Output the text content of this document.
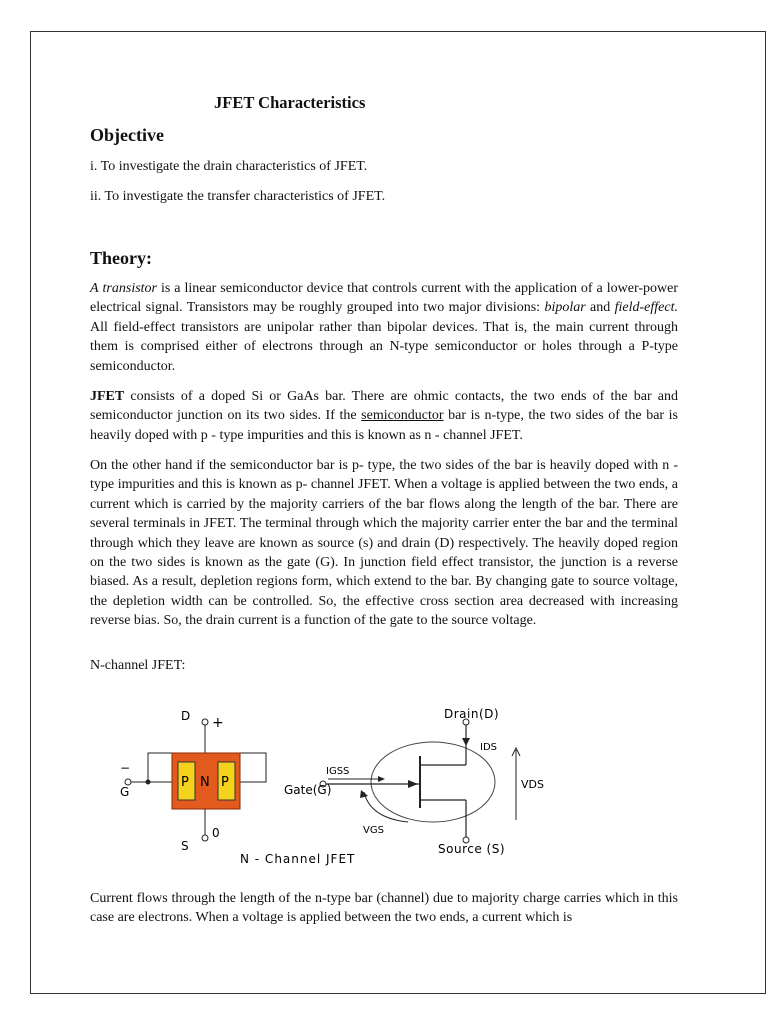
JFET Characteristics
Objective

i. To investigate the drain characteristics of JFET.

ii. To investigate the transfer characteristics of JFET.

Theory:

A transistor is a linear semiconductor device that controls current with the application of a lower-power electrical signal. Transistors may be roughly grouped into two major divisions: bipolar and field-effect. All field-effect transistors are unipolar rather than bipolar devices. That is, the main current through them is comprised either of electrons through an N-type semiconductor or holes through a P-type semiconductor.

JFET consists of a doped Si or GaAs bar. There are ohmic contacts, the two ends of the bar and semiconductor junction on its two sides. If the semiconductor bar is n-type, the two sides of the bar is heavily doped with p - type impurities and this is known as n - channel JFET.

On the other hand if the semiconductor bar is p- type, the two sides of the bar is heavily doped with n - type impurities and this is known as p- channel JFET. When a voltage is applied between the two ends, a current which is carried by the majority carriers of the bar flows along the length of the bar. There are several terminals in JFET. The terminal through which the majority carrier enter the bar and the terminal through which they leave are known as source (s) and drain (D) respectively. The heavily doped region on the two sides is known as the gate (G). In junction field effect transistor, the junction is a reverse biased. As a result, depletion regions form, which extend to the bar. By changing gate to source voltage, the depletion width can be controlled. So, the effective cross section area decreased with increasing reverse bias. So, the drain current is a function of the gate to the source voltage.

N-channel JFET:

D +
−
G
P N P
0
S
N - Channel JFET
Drain(D)
IDS
Source (S)
IGSS
Gate(G)
VGS
VDS

Current flows through the length of the n-type bar (channel) due to majority charge carries which in this case are electrons. When a voltage is applied between the two ends, a current which is
